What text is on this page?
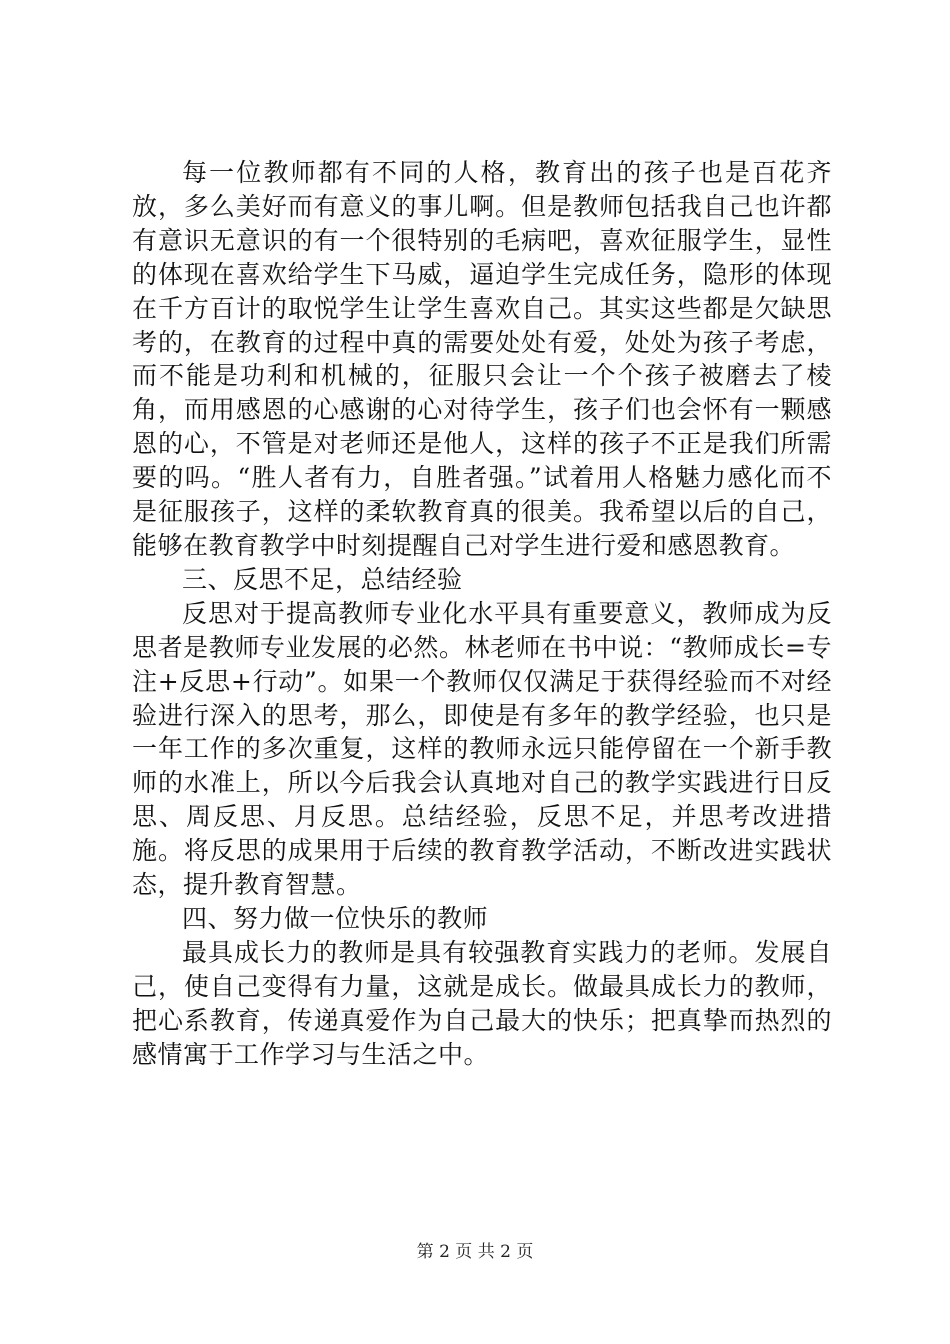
每一位教师都有不同的人格，教育出的孩子也是百花齐放，多么美好而有意义的事儿啊。但是教师包括我自己也许都有意识无意识的有一个很特别的毛病吧，喜欢征服学生，显性的体现在喜欢给学生下马威，逼迫学生完成任务，隐形的体现在千方百计的取悦学生让学生喜欢自己。其实这些都是欠缺思考的，在教育的过程中真的需要处处有爱，处处为孩子考虑，而不能是功利和机械的，征服只会让一个个孩子被磨去了棱角，而用感恩的心感谢的心对待学生，孩子们也会怀有一颗感恩的心，不管是对老师还是他人，这样的孩子不正是我们所需要的吗。“胜人者有力，自胜者强。”试着用人格魅力感化而不是征服孩子，这样的柔软教育真的很美。我希望以后的自己，能够在教育教学中时刻提醒自己对学生进行爱和感恩教育。

三、反思不足，总结经验

反思对于提高教师专业化水平具有重要意义，教师成为反思者是教师专业发展的必然。林老师在书中说：“教师成长=专注+反思+行动”。如果一个教师仅仅满足于获得经验而不对经验进行深入的思考，那么，即使是有多年的教学经验，也只是一年工作的多次重复，这样的教师永远只能停留在一个新手教师的水准上，所以今后我会认真地对自己的教学实践进行日反思、周反思、月反思。总结经验，反思不足，并思考改进措施。将反思的成果用于后续的教育教学活动，不断改进实践状态，提升教育智慧。

四、努力做一位快乐的教师

最具成长力的教师是具有较强教育实践力的老师。发展自己，使自己变得有力量，这就是成长。做最具成长力的教师，把心系教育，传递真爱作为自己最大的快乐；把真挚而热烈的感情寓于工作学习与生活之中。

第 2 页 共 2 页
